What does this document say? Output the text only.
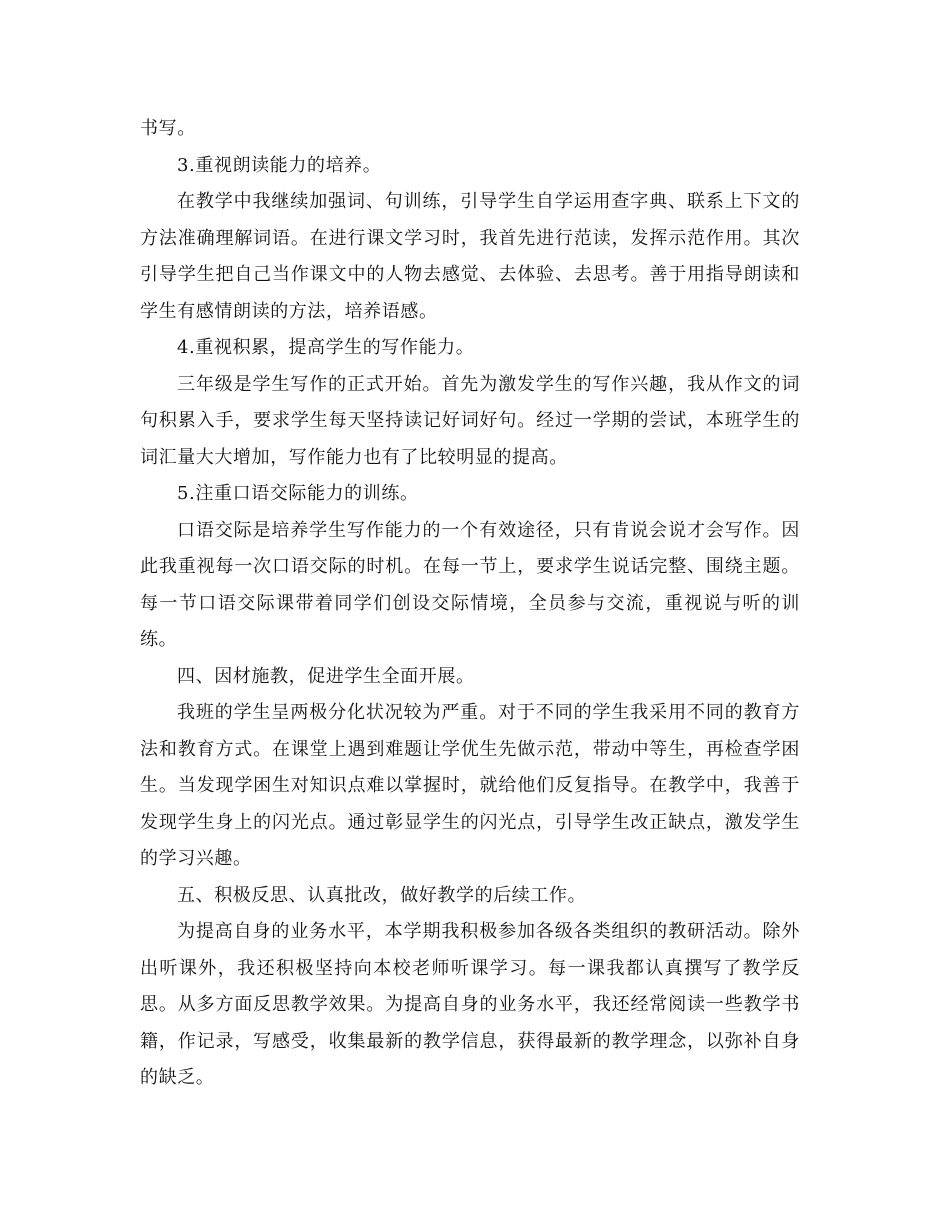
书写。

3.重视朗读能力的培养。

在教学中我继续加强词、句训练，引导学生自学运用查字典、联系上下文的方法准确理解词语。在进行课文学习时，我首先进行范读，发挥示范作用。其次引导学生把自己当作课文中的人物去感觉、去体验、去思考。善于用指导朗读和学生有感情朗读的方法，培养语感。

4.重视积累，提高学生的写作能力。

三年级是学生写作的正式开始。首先为激发学生的写作兴趣，我从作文的词句积累入手，要求学生每天坚持读记好词好句。经过一学期的尝试，本班学生的词汇量大大增加，写作能力也有了比较明显的提高。

5.注重口语交际能力的训练。

口语交际是培养学生写作能力的一个有效途径，只有肯说会说才会写作。因此我重视每一次口语交际的时机。在每一节上，要求学生说话完整、围绕主题。每一节口语交际课带着同学们创设交际情境，全员参与交流，重视说与听的训练。

四、因材施教，促进学生全面开展。

我班的学生呈两极分化状况较为严重。对于不同的学生我采用不同的教育方法和教育方式。在课堂上遇到难题让学优生先做示范，带动中等生，再检查学困生。当发现学困生对知识点难以掌握时，就给他们反复指导。在教学中，我善于发现学生身上的闪光点。通过彰显学生的闪光点，引导学生改正缺点，激发学生的学习兴趣。

五、积极反思、认真批改，做好教学的后续工作。

为提高自身的业务水平，本学期我积极参加各级各类组织的教研活动。除外出听课外，我还积极坚持向本校老师听课学习。每一课我都认真撰写了教学反思。从多方面反思教学效果。为提高自身的业务水平，我还经常阅读一些教学书籍，作记录，写感受，收集最新的教学信息，获得最新的教学理念，以弥补自身的缺乏。
